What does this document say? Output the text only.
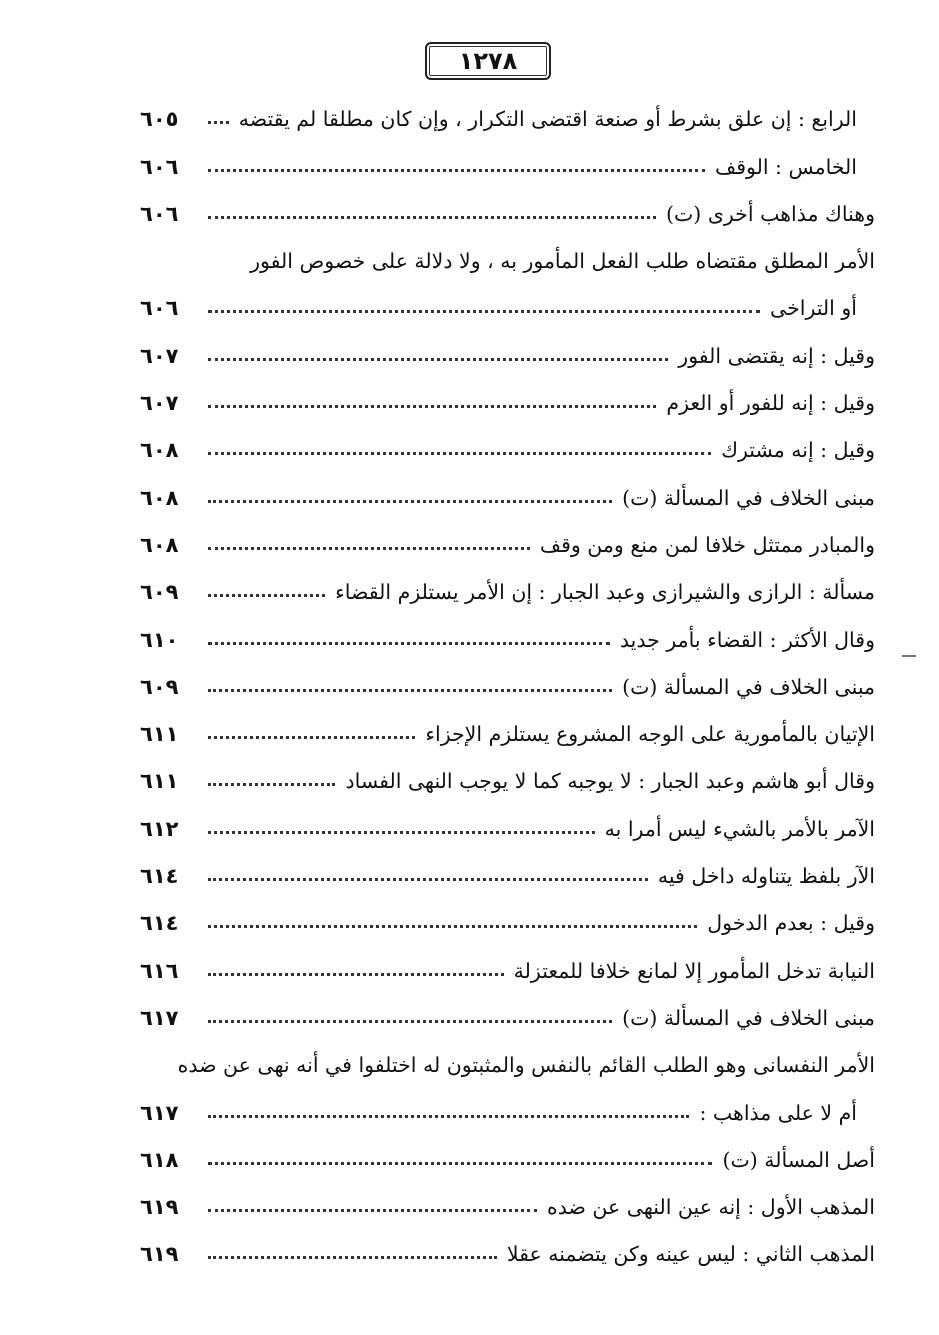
١٢٧٨
الرابع : إن علق بشرط أو صنعة اقتضى التكرار ، وإن كان مطلقا لم يقتضه
٦٠٥
الخامس : الوقف
٦٠٦
وهناك مذاهب أخرى (ت)
٦٠٦
الأمر المطلق مقتضاه طلب الفعل المأمور به ، ولا دلالة على خصوص الفور
أو التراخى
٦٠٦
وقيل : إنه يقتضى الفور
٦٠٧
وقيل : إنه للفور أو العزم
٦٠٧
وقيل : إنه مشترك
٦٠٨
مبنى الخلاف في المسألة (ت)
٦٠٨
والمبادر ممتثل خلافا لمن منع ومن وقف
٦٠٨
مسألة : الرازى والشيرازى وعبد الجبار : إن الأمر يستلزم القضاء
٦٠٩
وقال الأكثر : القضاء بأمر جديد
٦١٠
مبنى الخلاف في المسألة (ت)
٦٠٩
الإتيان بالمأمورية على الوجه المشروع يستلزم الإجزاء
٦١١
وقال أبو هاشم وعبد الجبار : لا يوجبه كما لا يوجب النهى الفساد
٦١١
الآمر بالأمر بالشيء ليس أمرا به
٦١٢
الآر بلفظ يتناوله داخل فيه
٦١٤
وقيل : بعدم الدخول
٦١٤
النيابة تدخل المأمور إلا لمانع خلافا للمعتزلة
٦١٦
مبنى الخلاف في المسألة (ت)
٦١٧
الأمر النفسانى وهو الطلب القائم بالنفس والمثبتون له اختلفوا في أنه نهى عن ضده
أم لا على مذاهب :
٦١٧
أصل المسألة (ت)
٦١٨
المذهب الأول : إنه عين النهى عن ضده
٦١٩
المذهب الثاني : ليس عينه وكن يتضمنه عقلا
٦١٩
